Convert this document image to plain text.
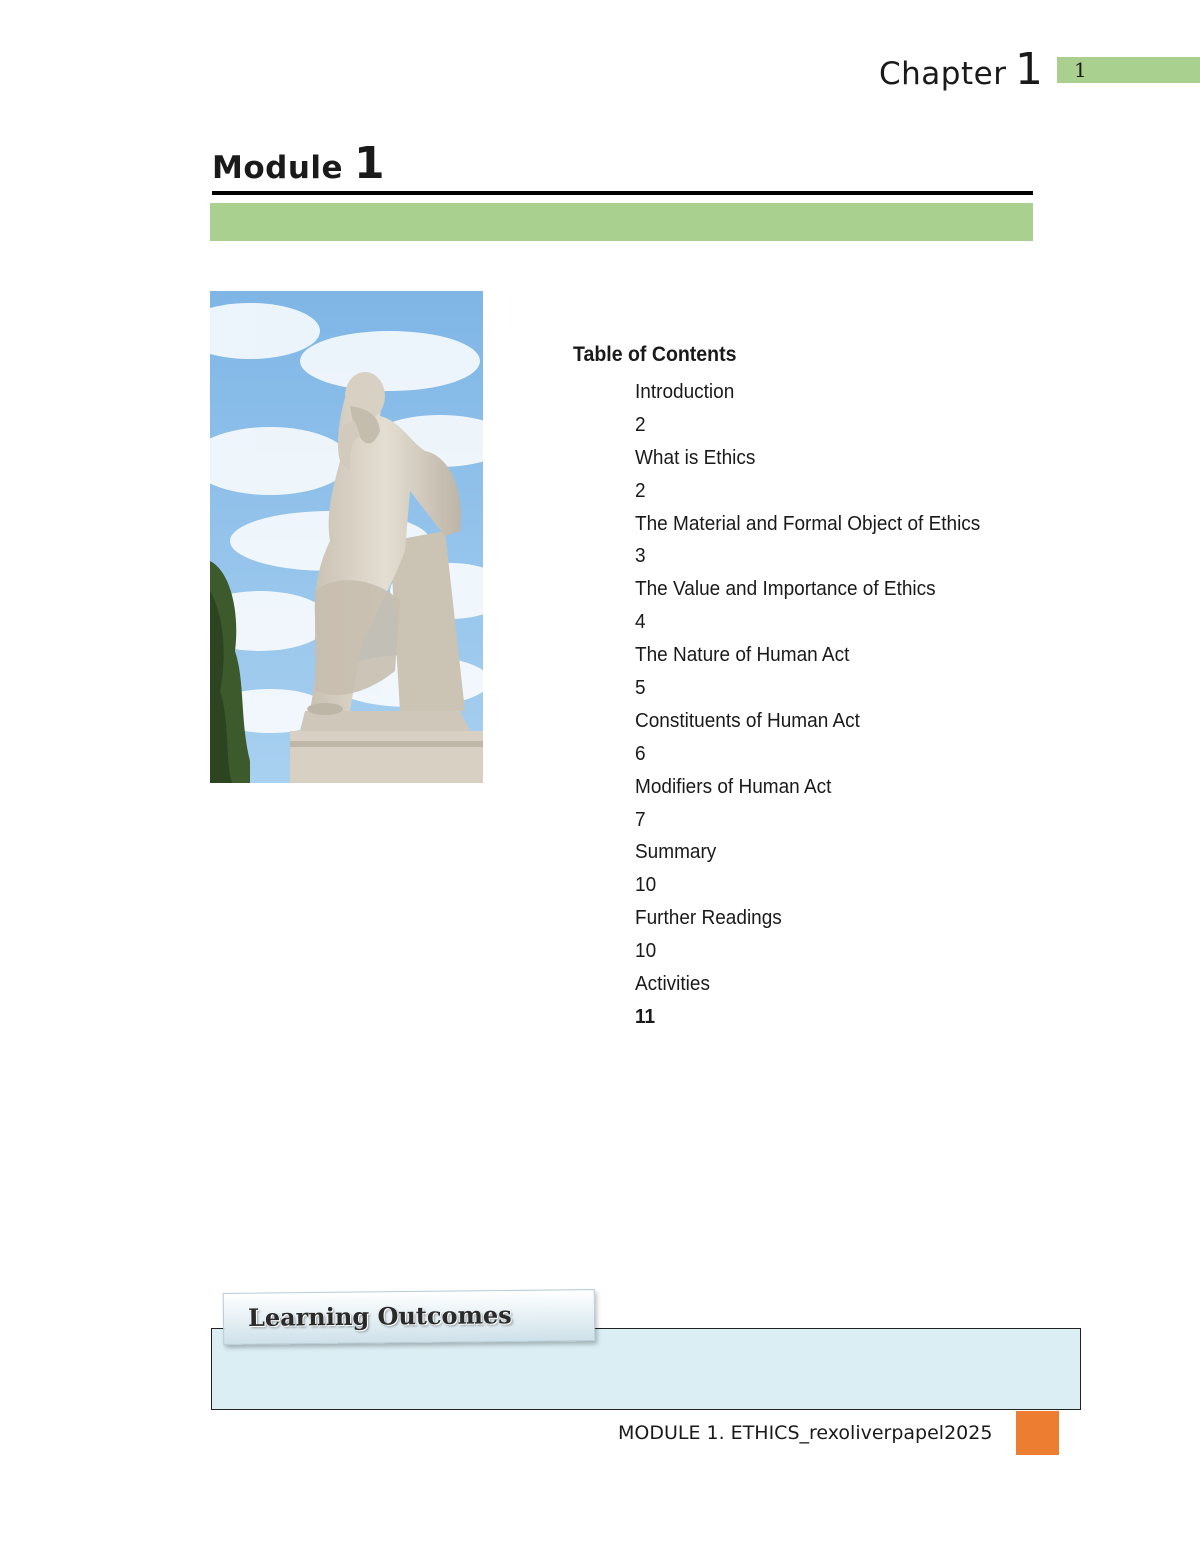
Chapter 1 1
Module 1
Table of Contents
Introduction
2
What is Ethics
2
The Material and Formal Object of Ethics
3
The Value and Importance of Ethics
4
The Nature of Human Act
5
Constituents of Human Act
6
Modifiers of Human Act
7
Summary
10
Further Readings
10
Activities
11
Learning Outcomes
MODULE 1. ETHICS_rexoliverpapel2025
